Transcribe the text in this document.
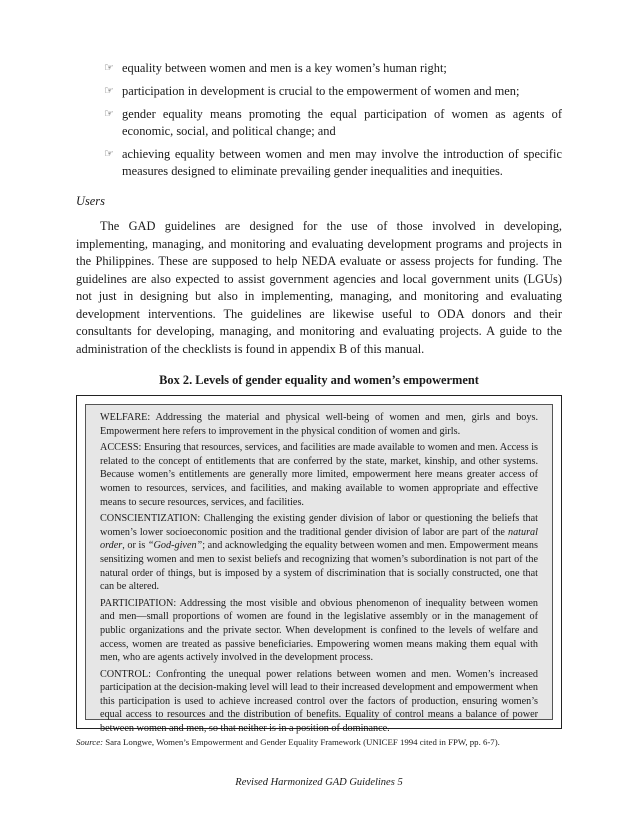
☞ equality between women and men is a key women’s human right;
☞ participation in development is crucial to the empowerment of women and men;
☞ gender equality means promoting the equal participation of women as agents of economic, social, and political change; and
☞ achieving equality between women and men may involve the introduction of specific measures designed to eliminate prevailing gender inequalities and inequities.
Users

The GAD guidelines are designed for the use of those involved in developing, implementing, managing, and monitoring and evaluating development programs and projects in the Philippines. These are supposed to help NEDA evaluate or assess projects for funding. The guidelines are also expected to assist government agencies and local government units (LGUs) not just in designing but also in implementing, managing, and monitoring and evaluating development interventions. The guidelines are likewise useful to ODA donors and their consultants for developing, managing, and monitoring and evaluating projects. A guide to the administration of the checklists is found in appendix B of this manual.

Box 2. Levels of gender equality and women’s empowerment

WELFARE: Addressing the material and physical well-being of women and men, girls and boys. Empowerment here refers to improvement in the physical condition of women and girls.

ACCESS: Ensuring that resources, services, and facilities are made available to women and men. Access is related to the concept of entitlements that are conferred by the state, market, kinship, and other systems. Because women’s entitlements are generally more limited, empowerment here means greater access of women to resources, services, and facilities, and making available to women appropriate and effective means to secure resources, services, and facilities.

CONSCIENTIZATION: Challenging the existing gender division of labor or questioning the beliefs that women’s lower socioeconomic position and the traditional gender division of labor are part of the natural order, or is “God-given”; and acknowledging the equality between women and men. Empowerment means sensitizing women and men to sexist beliefs and recognizing that women’s subordination is not part of the natural order of things, but is imposed by a system of discrimination that is socially constructed, one that can be altered.

PARTICIPATION: Addressing the most visible and obvious phenomenon of inequality between women and men—small proportions of women are found in the legislative assembly or in the management of public organizations and the private sector. When development is confined to the levels of welfare and access, women are treated as passive beneficiaries. Empowering women means making them equal with men, who are agents actively involved in the development process.

CONTROL: Confronting the unequal power relations between women and men. Women’s increased participation at the decision-making level will lead to their increased development and empowerment when this participation is used to achieve increased control over the factors of production, ensuring women’s equal access to resources and the distribution of benefits. Equality of control means a balance of power between women and men, so that neither is in a position of dominance.

Source: Sara Longwe, Women’s Empowerment and Gender Equality Framework (UNICEF 1994 cited in FPW, pp. 6-7).

Revised Harmonized GAD Guidelines 5
